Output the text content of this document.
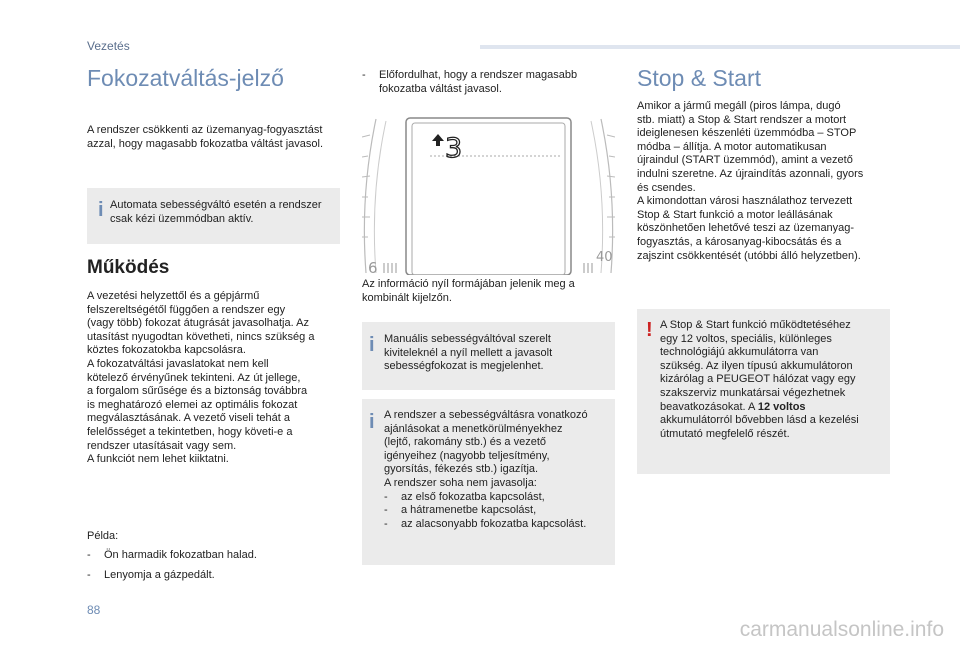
Vezetés
Fokozatváltás-jelző

A rendszer csökkenti az üzemanyag-fogyasztást azzal, hogy magasabb fokozatba váltást javasol.

i Automata sebességváltó esetén a rendszer csak kézi üzemmódban aktív.

Működés
A vezetési helyzettől és a gépjármű
felszereltségétől függően a rendszer egy
(vagy több) fokozat átugrását javasolhatja. Az
utasítást nyugodtan követheti, nincs szükség a
köztes fokozatokba kapcsolásra.
A fokozatváltási javaslatokat nem kell
kötelező érvényűnek tekinteni. Az út jellege,
a forgalom sűrűsége és a biztonság továbbra
is meghatározó elemei az optimális fokozat
megválasztásának. A vezető viseli tehát a
felelősséget a tekintetben, hogy követi-e a
rendszer utasításait vagy sem.
A funkciót nem lehet kiiktatni.
Példa:
- Ön harmadik fokozatban halad.
- Lenyomja a gázpedált.
- Előfordulhat, hogy a rendszer magasabb
fokozatba váltást javasol.
3
6
40
Az információ nyíl formájában jelenik meg a
kombinált kijelzőn.
i Manuális sebességváltóval szerelt
kiviteleknél a nyíl mellett a javasolt
sebességfokozat is megjelenhet.
i A rendszer a sebességváltásra vonatkozó
ajánlásokat a menetkörülményekhez
(lejtő, rakomány stb.) és a vezető
igényeihez (nagyobb teljesítmény,
gyorsítás, fékezés stb.) igazítja.
A rendszer soha nem javasolja:
- az első fokozatba kapcsolást,
- a hátramenetbe kapcsolást,
- az alacsonyabb fokozatba kapcsolást.
Stop & Start
Amikor a jármű megáll (piros lámpa, dugó
stb. miatt) a Stop & Start rendszer a motort
ideiglenesen készenléti üzemmódba – STOP
módba – állítja. A motor automatikusan
újraindul (START üzemmód), amint a vezető
indulni szeretne. Az újraindítás azonnali, gyors
és csendes.
A kimondottan városi használathoz tervezett
Stop & Start funkció a motor leállásának
köszönhetően lehetővé teszi az üzemanyag-
fogyasztás, a károsanyag-kibocsátás és a
zajszint csökkentését (utóbbi álló helyzetben).
! A Stop & Start funkció működtetéséhez
egy 12 voltos, speciális, különleges
technológiájú akkumulátorra van
szükség. Az ilyen típusú akkumulátoron
kizárólag a PEUGEOT hálózat vagy egy
szakszerviz munkatársai végezhetnek
beavatkozásokat. A 12 voltos
akkumulátorról bővebben lásd a kezelési
útmutató megfelelő részét.
88
carmanualsonline.info
